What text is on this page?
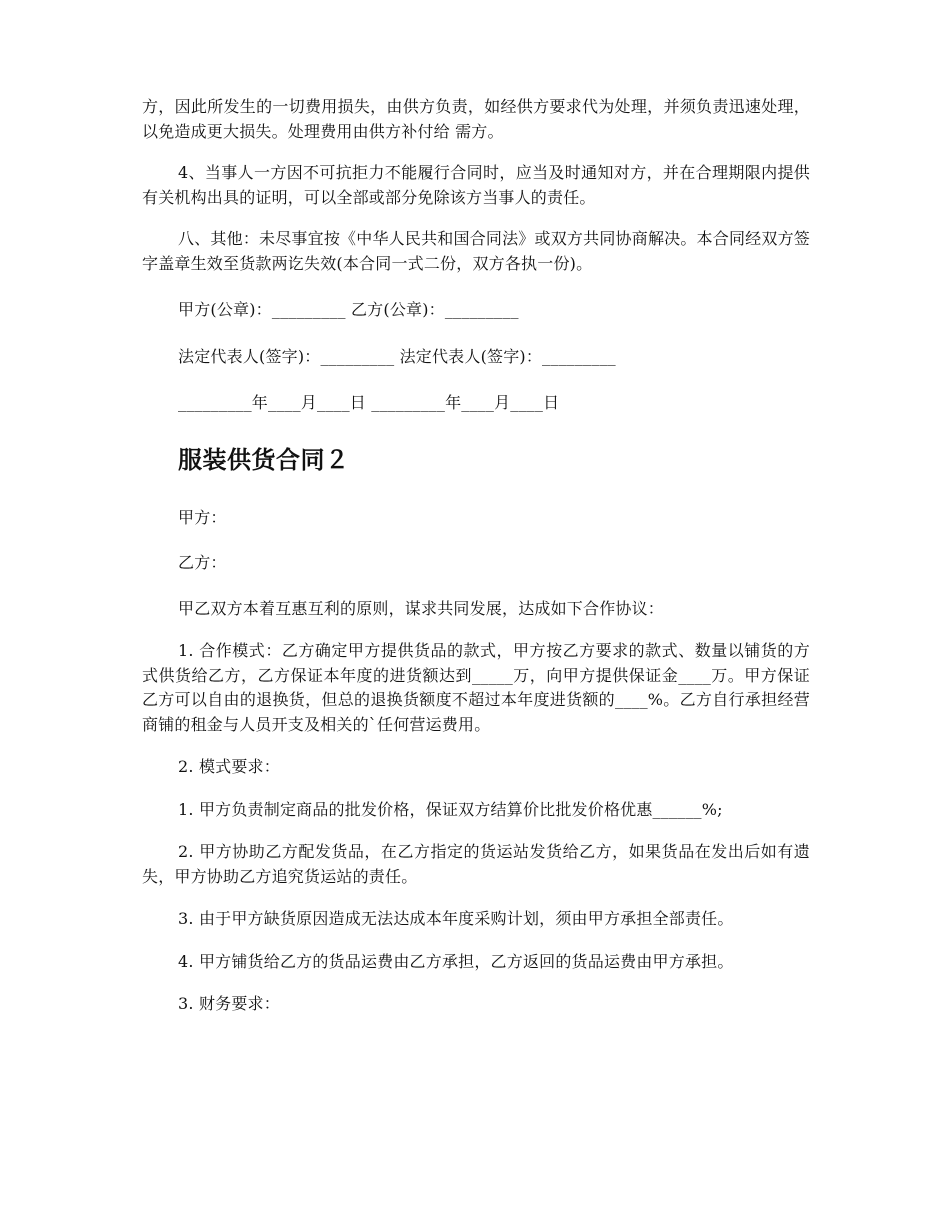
方，因此所发生的一切费用损失，由供方负责，如经供方要求代为处理，并须负责迅速处理，以免造成更大损失。处理费用由供方补付给 需方。

4、当事人一方因不可抗拒力不能履行合同时，应当及时通知对方，并在合理期限内提供有关机构出具的证明，可以全部或部分免除该方当事人的责任。

八、其他：未尽事宜按《中华人民共和国合同法》或双方共同协商解决。本合同经双方签字盖章生效至货款两讫失效(本合同一式二份，双方各执一份)。

甲方(公章)：_________ 乙方(公章)：_________

法定代表人(签字)：_________ 法定代表人(签字)：_________

_________年____月____日 _________年____月____日

服装供货合同２

甲方：

乙方：

甲乙双方本着互惠互利的原则，谋求共同发展，达成如下合作协议：

1. 合作模式：乙方确定甲方提供货品的款式，甲方按乙方要求的款式、数量以铺货的方式供货给乙方，乙方保证本年度的进货额达到_____万，向甲方提供保证金____万。甲方保证乙方可以自由的退换货，但总的退换货额度不超过本年度进货额的____%。乙方自行承担经营商铺的租金与人员开支及相关的`任何营运费用。

2. 模式要求：

1. 甲方负责制定商品的批发价格，保证双方结算价比批发价格优惠______%;

2. 甲方协助乙方配发货品，在乙方指定的货运站发货给乙方，如果货品在发出后如有遗失，甲方协助乙方追究货运站的责任。

3. 由于甲方缺货原因造成无法达成本年度采购计划，须由甲方承担全部责任。

4. 甲方铺货给乙方的货品运费由乙方承担，乙方返回的货品运费由甲方承担。

3. 财务要求：
